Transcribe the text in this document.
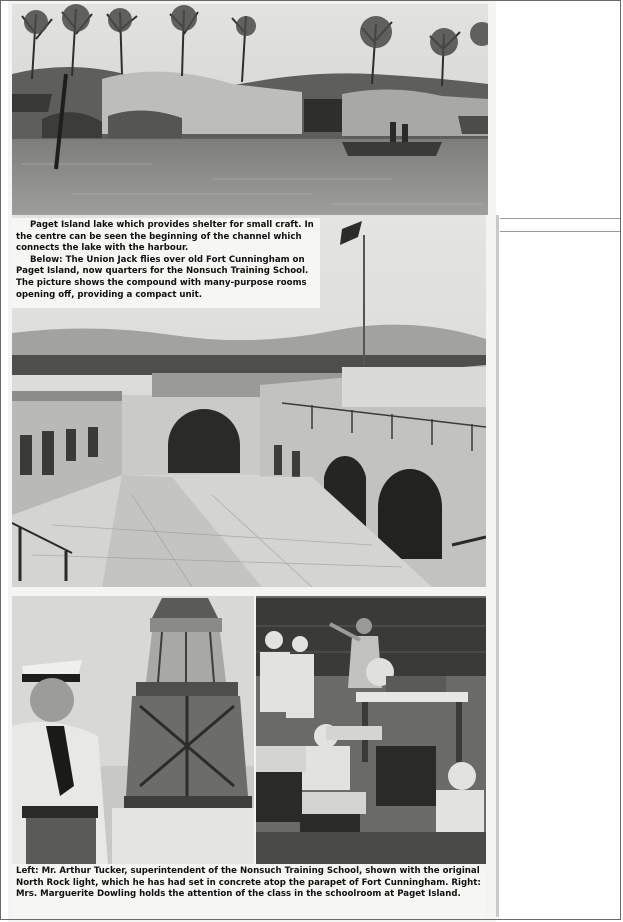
Paget Island lake which provides shelter for small craft. In the centre can be seen the beginning of the channel which connects the lake with the harbour.

Below: The Union Jack flies over old Fort Cunningham on Paget Island, now quarters for the Nonsuch Training School. The picture shows the compound with many-purpose rooms opening off, providing a compact unit.

Left: Mr. Arthur Tucker, superintendent of the Nonsuch Training School, shown with the original North Rock light, which he has had set in concrete atop the parapet of Fort Cunningham. Right: Mrs. Marguerite Dowling holds the attention of the class in the schoolroom at Paget Island.
